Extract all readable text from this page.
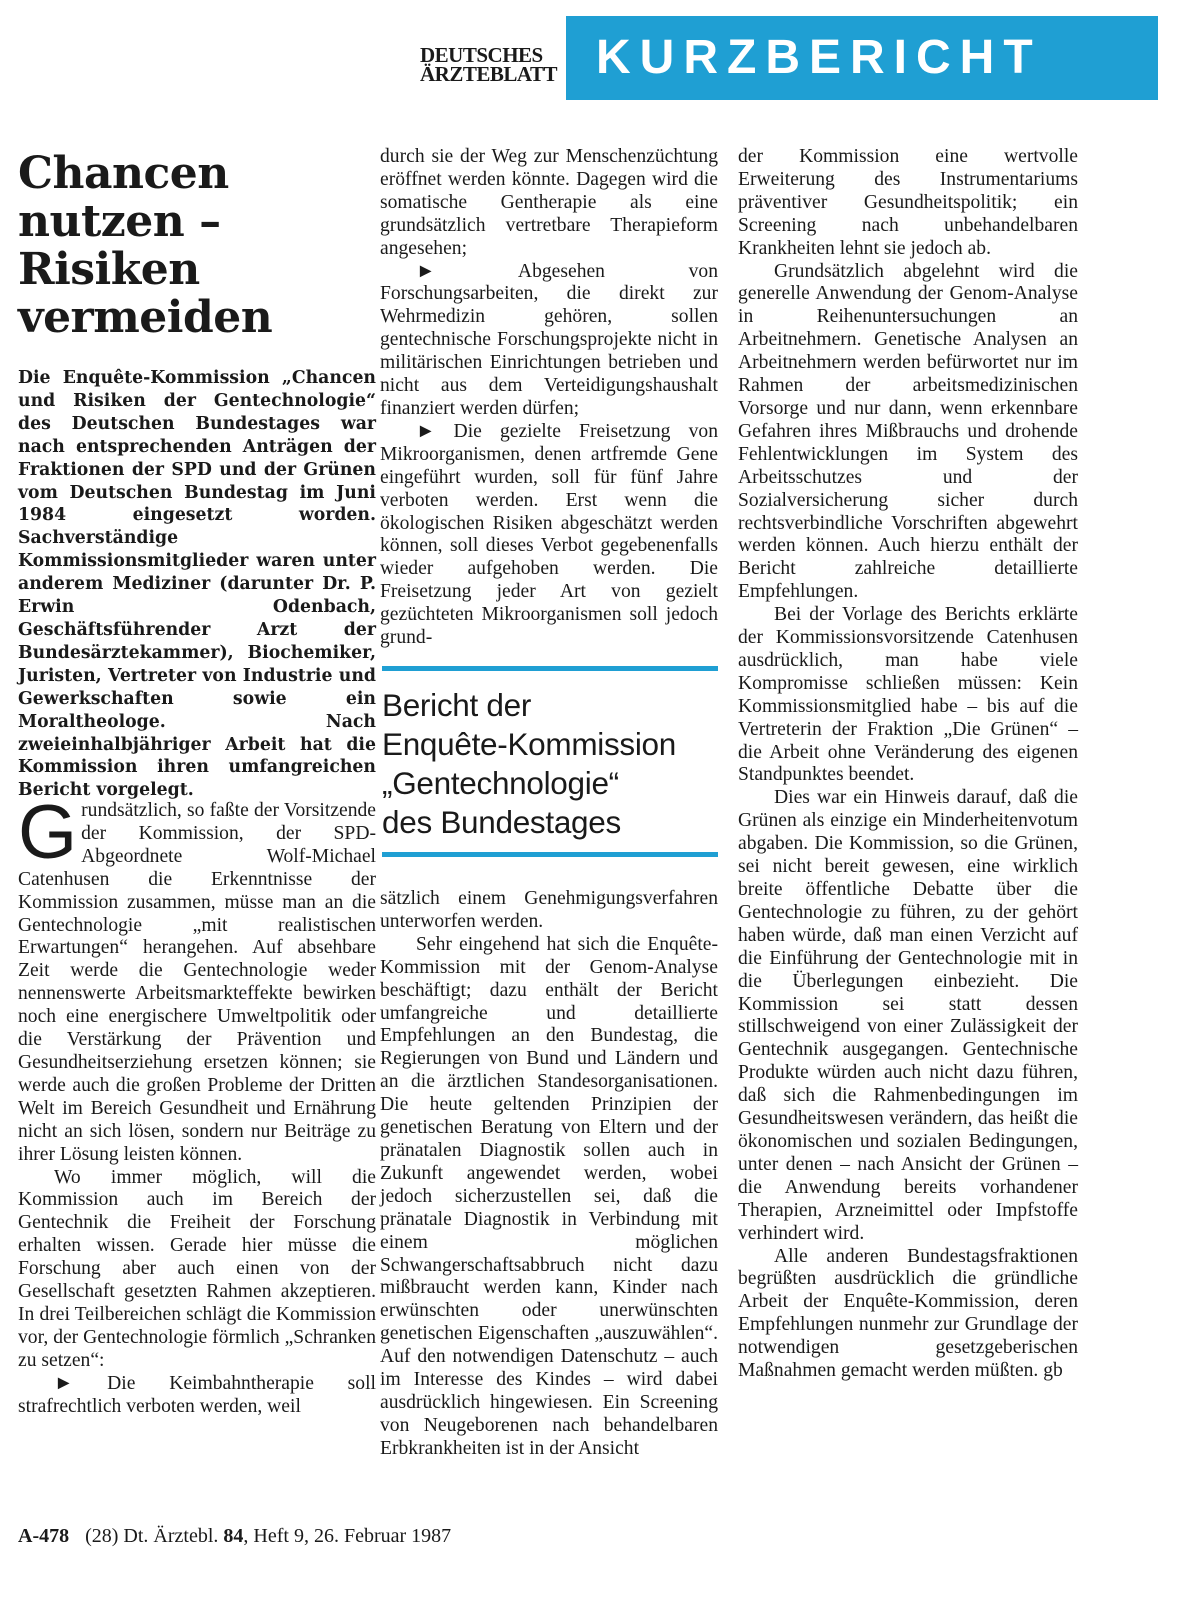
DEUTSCHES
ÄRZTEBLATT KURZBERICHT
Chancen
nutzen –
Risiken
vermeiden

Die Enquête-Kommission „Chancen und Risiken der Gentechnologie“ des Deutschen Bundestages war nach entsprechenden Anträgen der Fraktionen der SPD und der Grünen vom Deutschen Bundestag im Juni 1984 eingesetzt worden. Sachverständige Kommissionsmitglieder waren unter anderem Mediziner (darunter Dr. P. Erwin Odenbach, Geschäftsführender Arzt der Bundesärztekammer), Biochemiker, Juristen, Vertreter von Industrie und Gewerkschaften sowie ein Moraltheologe. Nach zweieinhalbjähriger Arbeit hat die Kommission ihren umfangreichen Bericht vorgelegt.

Grundsätzlich, so faßte der Vorsitzende der Kommission, der SPD-Abgeordnete Wolf-Michael Catenhusen die Erkenntnisse der Kommission zusammen, müsse man an die Gentechnologie „mit realistischen Erwartungen“ herangehen. Auf absehbare Zeit werde die Gentechnologie weder nennenswerte Arbeitsmarkteffekte bewirken noch eine energischere Umweltpolitik oder die Verstärkung der Prävention und Gesundheitserziehung ersetzen können; sie werde auch die großen Probleme der Dritten Welt im Bereich Gesundheit und Ernährung nicht an sich lösen, sondern nur Beiträge zu ihrer Lösung leisten können.

Wo immer möglich, will die Kommission auch im Bereich der Gentechnik die Freiheit der Forschung erhalten wissen. Gerade hier müsse die Forschung aber auch einen von der Gesellschaft gesetzten Rahmen akzeptieren. In drei Teilbereichen schlägt die Kommission vor, der Gentechnologie förmlich „Schranken zu setzen“:

► Die Keimbahntherapie soll strafrechtlich verboten werden, weil

durch sie der Weg zur Menschenzüchtung eröffnet werden könnte. Dagegen wird die somatische Gentherapie als eine grundsätzlich vertretbare Therapieform angesehen;

► Abgesehen von Forschungsarbeiten, die direkt zur Wehrmedizin gehören, sollen gentechnische Forschungsprojekte nicht in militärischen Einrichtungen betrieben und nicht aus dem Verteidigungshaushalt finanziert werden dürfen;

► Die gezielte Freisetzung von Mikroorganismen, denen artfremde Gene eingeführt wurden, soll für fünf Jahre verboten werden. Erst wenn die ökologischen Risiken abgeschätzt werden können, soll dieses Verbot gegebenenfalls wieder aufgehoben werden. Die Freisetzung jeder Art von gezielt gezüchteten Mikroorganismen soll jedoch grund-

Bericht der
Enquête-Kommission
„Gentechnologie“
des Bundestages

sätzlich einem Genehmigungsverfahren unterworfen werden.

Sehr eingehend hat sich die Enquête-Kommission mit der Genom-Analyse beschäftigt; dazu enthält der Bericht umfangreiche und detaillierte Empfehlungen an den Bundestag, die Regierungen von Bund und Ländern und an die ärztlichen Standesorganisationen. Die heute geltenden Prinzipien der genetischen Beratung von Eltern und der pränatalen Diagnostik sollen auch in Zukunft angewendet werden, wobei jedoch sicherzustellen sei, daß die pränatale Diagnostik in Verbindung mit einem möglichen Schwangerschaftsabbruch nicht dazu mißbraucht werden kann, Kinder nach erwünschten oder unerwünschten genetischen Eigenschaften „auszuwählen“. Auf den notwendigen Datenschutz – auch im Interesse des Kindes – wird dabei ausdrücklich hingewiesen. Ein Screening von Neugeborenen nach behandelbaren Erbkrankheiten ist in der Ansicht

der Kommission eine wertvolle Erweiterung des Instrumentariums präventiver Gesundheitspolitik; ein Screening nach unbehandelbaren Krankheiten lehnt sie jedoch ab.

Grundsätzlich abgelehnt wird die generelle Anwendung der Genom-Analyse in Reihenuntersuchungen an Arbeitnehmern. Genetische Analysen an Arbeitnehmern werden befürwortet nur im Rahmen der arbeitsmedizinischen Vorsorge und nur dann, wenn erkennbare Gefahren ihres Mißbrauchs und drohende Fehlentwicklungen im System des Arbeitsschutzes und der Sozialversicherung sicher durch rechtsverbindliche Vorschriften abgewehrt werden können. Auch hierzu enthält der Bericht zahlreiche detaillierte Empfehlungen.

Bei der Vorlage des Berichts erklärte der Kommissionsvorsitzende Catenhusen ausdrücklich, man habe viele Kompromisse schließen müssen: Kein Kommissionsmitglied habe – bis auf die Vertreterin der Fraktion „Die Grünen“ – die Arbeit ohne Veränderung des eigenen Standpunktes beendet.

Dies war ein Hinweis darauf, daß die Grünen als einzige ein Minderheitenvotum abgaben. Die Kommission, so die Grünen, sei nicht bereit gewesen, eine wirklich breite öffentliche Debatte über die Gentechnologie zu führen, zu der gehört haben würde, daß man einen Verzicht auf die Einführung der Gentechnologie mit in die Überlegungen einbezieht. Die Kommission sei statt dessen stillschweigend von einer Zulässigkeit der Gentechnik ausgegangen. Gentechnische Produkte würden auch nicht dazu führen, daß sich die Rahmenbedingungen im Gesundheitswesen verändern, das heißt die ökonomischen und sozialen Bedingungen, unter denen – nach Ansicht der Grünen – die Anwendung bereits vorhandener Therapien, Arzneimittel oder Impfstoffe verhindert wird.

Alle anderen Bundestagsfraktionen begrüßten ausdrücklich die gründliche Arbeit der Enquête-Kommission, deren Empfehlungen nunmehr zur Grundlage der notwendigen gesetzgeberischen Maßnahmen gemacht werden müßten. gb

A-478 (28) Dt. Ärztebl. 84, Heft 9, 26. Februar 1987
